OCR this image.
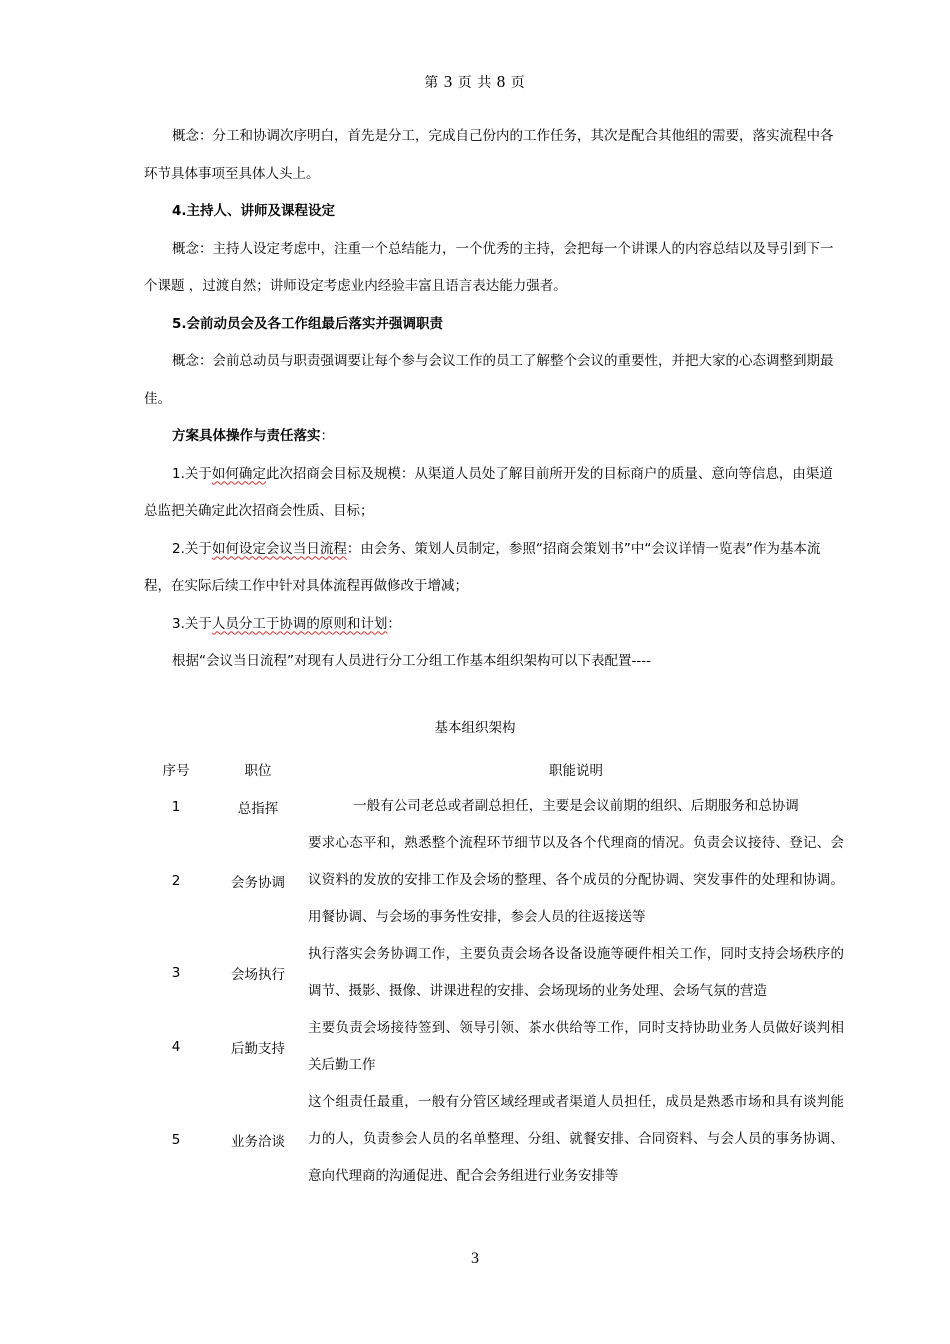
第 3 页 共 8 页

概念：分工和协调次序明白，首先是分工，完成自己份内的工作任务，其次是配合其他组的需要，落实流程中各环节具体事项至具体人头上。

4.主持人、讲师及课程设定

概念：主持人设定考虑中，注重一个总结能力，一个优秀的主持，会把每一个讲课人的内容总结以及导引到下一个课题 ，过渡自然；讲师设定考虑业内经验丰富且语言表达能力强者。

5.会前动员会及各工作组最后落实并强调职责

概念：会前总动员与职责强调要让每个参与会议工作的员工了解整个会议的重要性，并把大家的心态调整到期最佳。

方案具体操作与责任落实：

1.关于如何确定此次招商会目标及规模：从渠道人员处了解目前所开发的目标商户的质量、意向等信息，由渠道总监把关确定此次招商会性质、目标；

2.关于如何设定会议当日流程：由会务、策划人员制定，参照“招商会策划书”中“会议详情一览表”作为基本流程，在实际后续工作中针对具体流程再做修改于增减；

3.关于人员分工于协调的原则和计划：

根据“会议当日流程”对现有人员进行分工分组工作基本组织架构可以下表配置----

基本组织架构
序号	职位	职能说明
1	总指挥	一般有公司老总或者副总担任，主要是会议前期的组织、后期服务和总协调
2	会务协调	要求心态平和，熟悉整个流程环节细节以及各个代理商的情况。负责会议接待、登记、会议资料的发放的安排工作及会场的整理、各个成员的分配协调、突发事件的处理和协调。用餐协调、与会场的事务性安排，参会人员的往返接送等
3	会场执行	执行落实会务协调工作，主要负责会场各设备设施等硬件相关工作，同时支持会场秩序的调节、摄影、摄像、讲课进程的安排、会场现场的业务处理、会场气氛的营造
4	后勤支持	主要负责会场接待签到、领导引领、茶水供给等工作，同时支持协助业务人员做好谈判相关后勤工作
5	业务洽谈	这个组责任最重，一般有分管区域经理或者渠道人员担任，成员是熟悉市场和具有谈判能力的人，负责参会人员的名单整理、分组、就餐安排、合同资料、与会人员的事务协调、意向代理商的沟通促进、配合会务组进行业务安排等
3
